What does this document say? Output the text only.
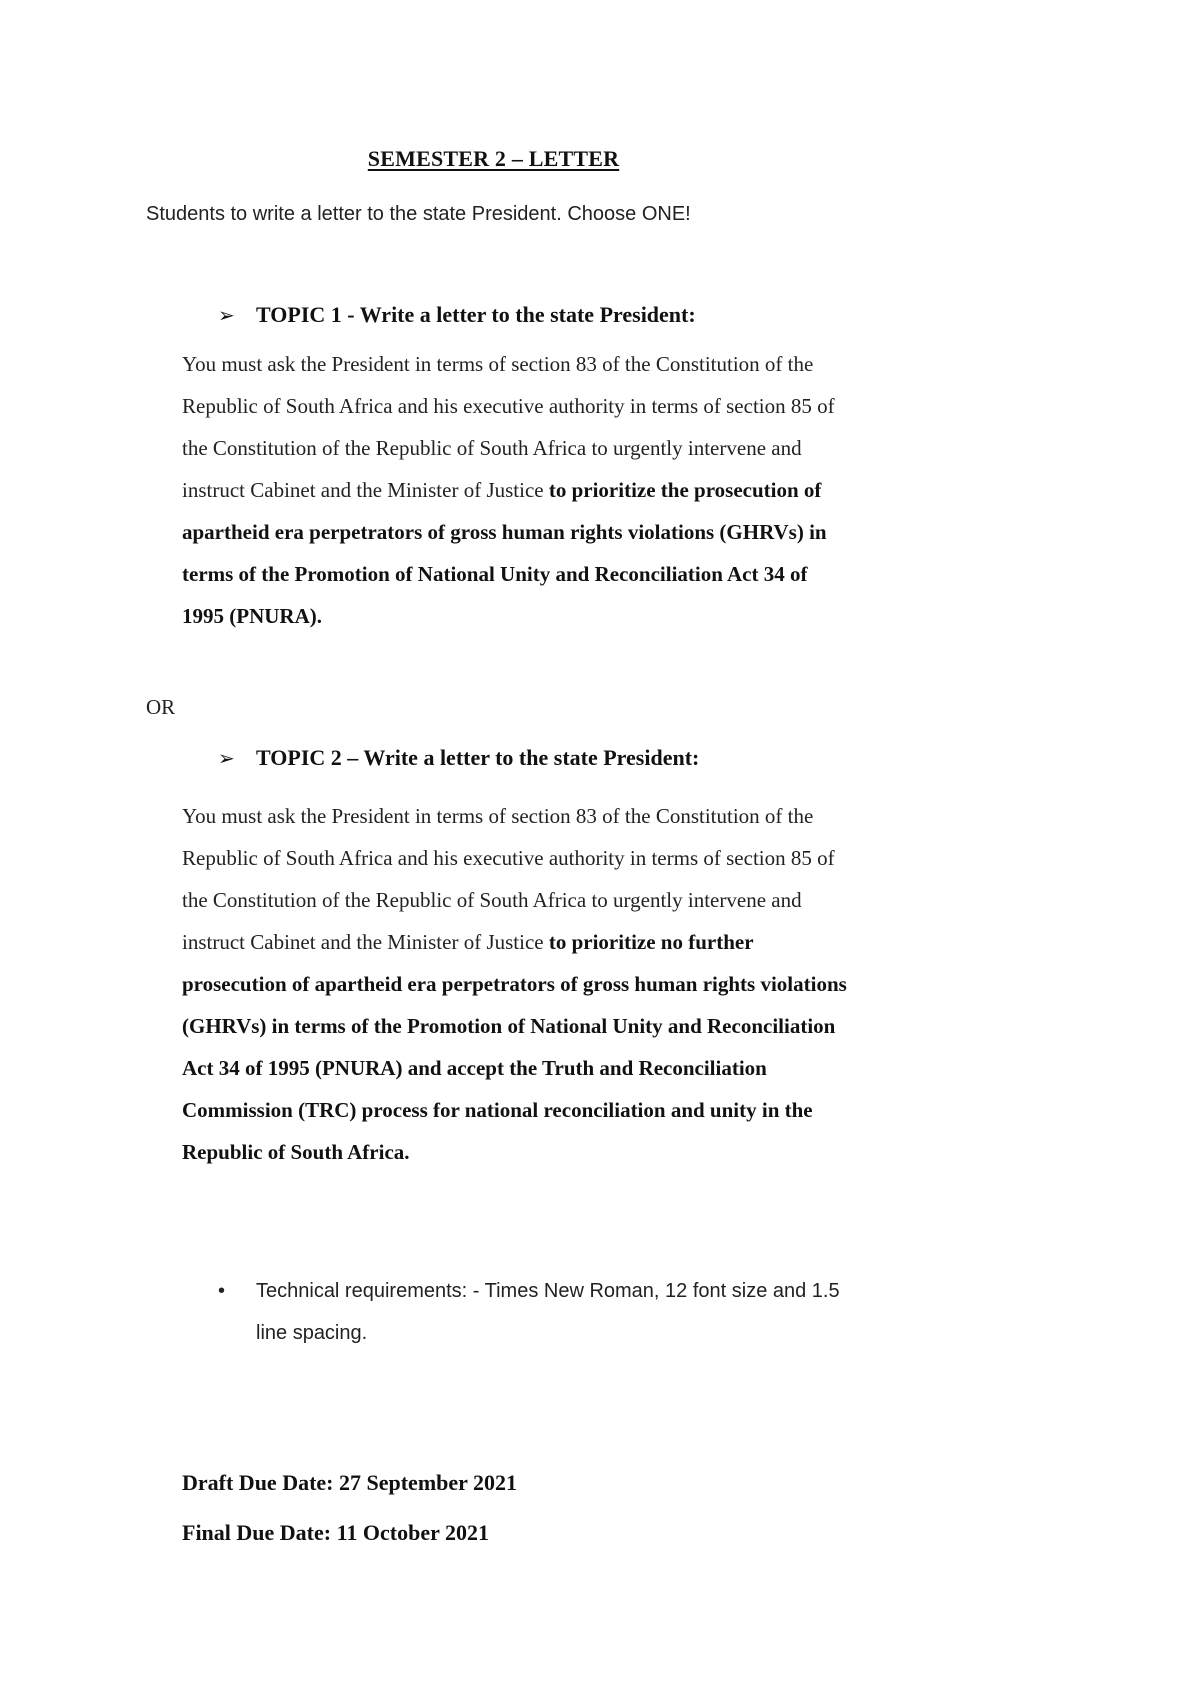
SEMESTER 2 – LETTER
Students to write a letter to the state President. Choose ONE!
➢ TOPIC 1 - Write a letter to the state President:
You must ask the President in terms of section 83 of the Constitution of the Republic of South Africa and his executive authority in terms of section 85 of the Constitution of the Republic of South Africa to urgently intervene and instruct Cabinet and the Minister of Justice to prioritize the prosecution of apartheid era perpetrators of gross human rights violations (GHRVs) in terms of the Promotion of National Unity and Reconciliation Act 34 of 1995 (PNURA).
OR
➢ TOPIC 2 – Write a letter to the state President:
You must ask the President in terms of section 83 of the Constitution of the Republic of South Africa and his executive authority in terms of section 85 of the Constitution of the Republic of South Africa to urgently intervene and instruct Cabinet and the Minister of Justice to prioritize no further prosecution of apartheid era perpetrators of gross human rights violations (GHRVs) in terms of the Promotion of National Unity and Reconciliation Act 34 of 1995 (PNURA) and accept the Truth and Reconciliation Commission (TRC) process for national reconciliation and unity in the Republic of South Africa.
• Technical requirements: - Times New Roman, 12 font size and 1.5 line spacing.
Draft Due Date: 27 September 2021
Final Due Date: 11 October 2021
